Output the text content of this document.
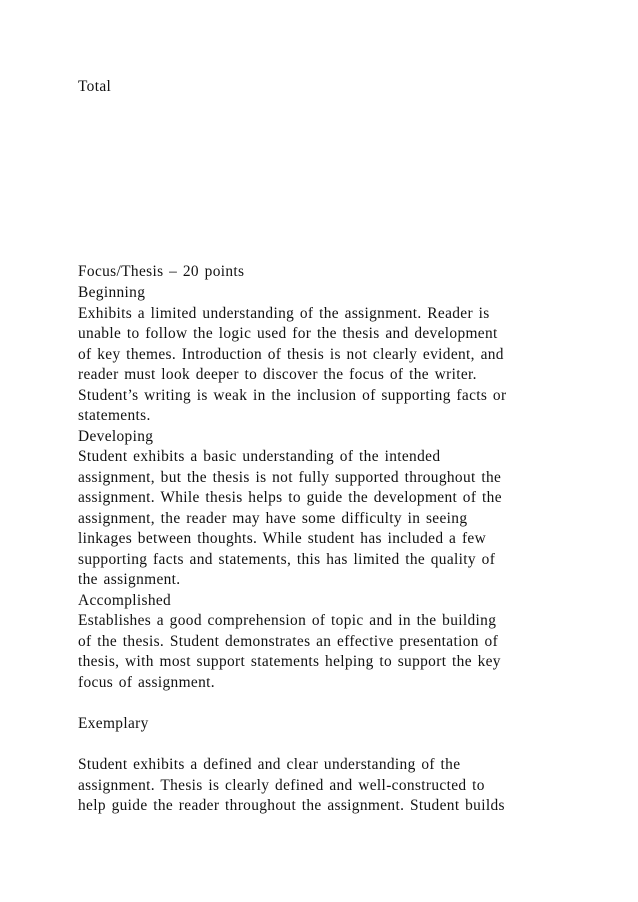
Total
Focus/Thesis – 20 points
Beginning
Exhibits a limited understanding of the assignment. Reader is
unable to follow the logic used for the thesis and development
of key themes. Introduction of thesis is not clearly evident, and
reader must look deeper to discover the focus of the writer.
Student’s writing is weak in the inclusion of supporting facts or
statements.
Developing
Student exhibits a basic understanding of the intended
assignment, but the thesis is not fully supported throughout the
assignment. While thesis helps to guide the development of the
assignment, the reader may have some difficulty in seeing
linkages between thoughts. While student has included a few
supporting facts and statements, this has limited the quality of
the assignment.
Accomplished
Establishes a good comprehension of topic and in the building
of the thesis. Student demonstrates an effective presentation of
thesis, with most support statements helping to support the key
focus of assignment.
Exemplary
Student exhibits a defined and clear understanding of the
assignment. Thesis is clearly defined and well-constructed to
help guide the reader throughout the assignment. Student builds
